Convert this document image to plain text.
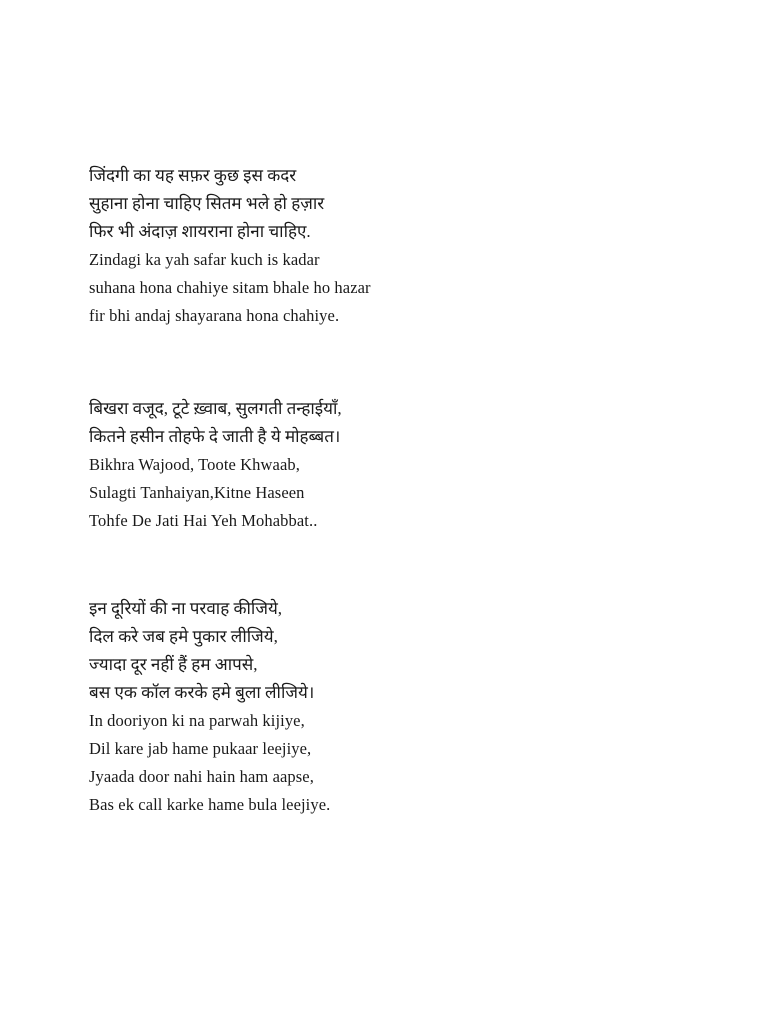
जिंदगी का यह सफ़र कुछ इस कदर
सुहाना होना चाहिए सितम भले हो हज़ार
फिर भी अंदाज़ शायराना होना चाहिए.
Zindagi ka yah safar kuch is kadar
suhana hona chahiye sitam bhale ho hazar
fir bhi andaj shayarana hona chahiye.
बिखरा वजूद, टूटे ख़्वाब, सुलगती तन्हाईयाँ,
कितने हसीन तोहफे दे जाती है ये मोहब्बत।
Bikhra Wajood, Toote Khwaab,
Sulagti Tanhaiyan,Kitne Haseen
Tohfe De Jati Hai Yeh Mohabbat..
इन दूरियों की ना परवाह कीजिये,
दिल करे जब हमे पुकार लीजिये,
ज्यादा दूर नहीं हैं हम आपसे,
बस एक कॉल करके हमे बुला लीजिये।
In dooriyon ki na parwah kijiye,
Dil kare jab hame pukaar leejiye,
Jyaada door nahi hain ham aapse,
Bas ek call karke hame bula leejiye.
